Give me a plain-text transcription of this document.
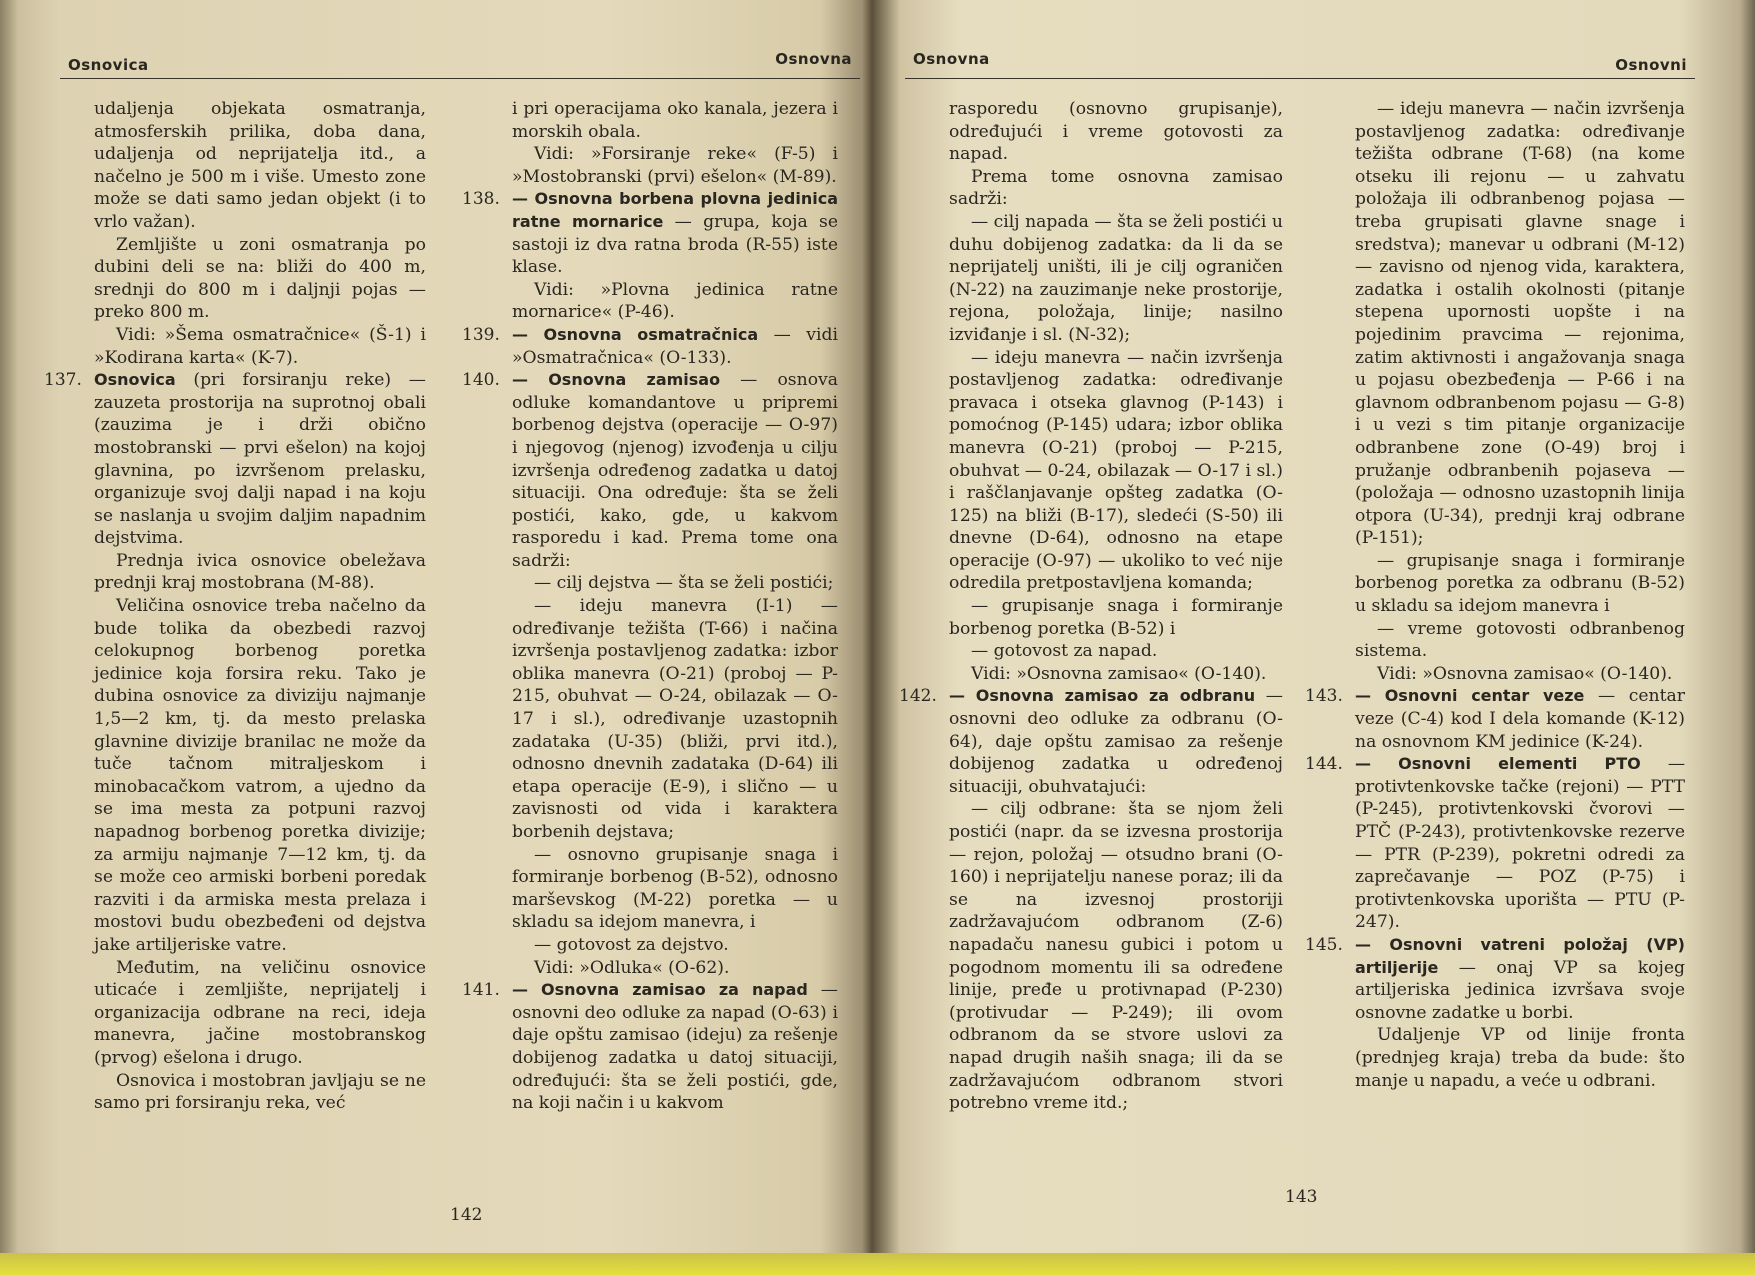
Osnovica	Osnovna

udaljenja objekata osmatranja, atmosferskih prilika, doba dana, udaljenja od neprijatelja itd., a načelno je 500 m i više. Umesto zone može se dati samo jedan objekt (i to vrlo važan).

Zemljište u zoni osmatranja po dubini deli se na: bliži do 400 m, srednji do 800 m i daljnji pojas — preko 800 m.

Vidi: »Šema osmatračnice« (Š-1) i »Kodirana karta« (K-7).

137. Osnovica (pri forsiranju reke) — zauzeta prostorija na suprotnoj obali (zauzima je i drži obično mostobranski — prvi ešelon) na kojoj glavnina, po izvršenom prelasku, organizuje svoj dalji napad i na koju se naslanja u svojim daljim napadnim dejstvima.

Prednja ivica osnovice obeležava prednji kraj mostobrana (M-88).

Veličina osnovice treba načelno da bude tolika da obezbedi razvoj celokupnog borbenog poretka jedinice koja forsira reku. Tako je dubina osnovice za diviziju najmanje 1,5—2 km, tj. da mesto prelaska glavnine divizije branilac ne može da tuče tačnom mitraljeskom i minobacačkom vatrom, a ujedno da se ima mesta za potpuni razvoj napadnog borbenog poretka divizije; za armiju najmanje 7—12 km, tj. da se može ceo armiski borbeni poredak razviti i da armiska mesta prelaza i mostovi budu obezbeđeni od dejstva jake artiljeriske vatre.

Međutim, na veličinu osnovice uticaće i zemljište, neprijatelj i organizacija odbrane na reci, ideja manevra, jačine mostobranskog (prvog) ešelona i drugo.

Osnovica i mostobran javljaju se ne samo pri forsiranju reka, već

i pri operacijama oko kanala, jezera i morskih obala.

Vidi: »Forsiranje reke« (F-5) i »Mostobranski (prvi) ešelon« (M-89).

138. — Osnovna borbena plovna jedinica ratne mornarice — grupa, koja se sastoji iz dva ratna broda (R-55) iste klase.

Vidi: »Plovna jedinica ratne mornarice« (P-46).

139. — Osnovna osmatračnica — vidi »Osmatračnica« (O-133).

140. — Osnovna zamisao — osnova odluke komandantove u pripremi borbenog dejstva (operacije — O-97) i njegovog (njenog) izvođenja u cilju izvršenja određenog zadatka u datoj situaciji. Ona određuje: šta se želi postići, kako, gde, u kakvom rasporedu i kad. Prema tome ona sadrži:

— cilj dejstva — šta se želi postići;

— ideju manevra (I-1) — određivanje težišta (T-66) i načina izvršenja postavljenog zadatka: izbor oblika manevra (O-21) (proboj — P-215, obuhvat — O-24, obilazak — O-17 i sl.), određivanje uzastopnih zadataka (U-35) (bliži, prvi itd.), odnosno dnevnih zadataka (D-64) ili etapa operacije (E-9), i slično — u zavisnosti od vida i karaktera borbenih dejstava;

— osnovno grupisanje snaga i formiranje borbenog (B-52), odnosno marševskog (M-22) poretka — u skladu sa idejom manevra, i

— gotovost za dejstvo.

Vidi: »Odluka« (O-62).

141. — Osnovna zamisao za napad — osnovni deo odluke za napad (O-63) i daje opštu zamisao (ideju) za rešenje dobijenog zadatka u datoj situaciji, određujući: šta se želi postići, gde, na koji način i u kakvom

142
Osnovna	Osnovni

rasporedu (osnovno grupisanje), određujući i vreme gotovosti za napad.

Prema tome osnovna zamisao sadrži:

— cilj napada — šta se želi postići u duhu dobijenog zadatka: da li da se neprijatelj uništi, ili je cilj ograničen (N-22) na zauzimanje neke prostorije, rejona, položaja, linije; nasilno izviđanje i sl. (N-32);

— ideju manevra — način izvršenja postavljenog zadatka: određivanje pravaca i otseka glavnog (P-143) i pomoćnog (P-145) udara; izbor oblika manevra (O-21) (proboj — P-215, obuhvat — 0-24, obilazak — O-17 i sl.) i raščlanjavanje opšteg zadatka (O-125) na bliži (B-17), sledeći (S-50) ili dnevne (D-64), odnosno na etape operacije (O-97) — ukoliko to već nije odredila pretpostavljena komanda;

— grupisanje snaga i formiranje borbenog poretka (B-52) i

— gotovost za napad.

Vidi: »Osnovna zamisao« (O-140).

142. — Osnovna zamisao za odbranu — osnovni deo odluke za odbranu (O-64), daje opštu zamisao za rešenje dobijenog zadatka u određenoj situaciji, obuhvatajući:

— cilj odbrane: šta se njom želi postići (napr. da se izvesna prostorija — rejon, položaj — otsudno brani (O-160) i neprijatelju nanese poraz; ili da se na izvesnoj prostoriji zadržavajućom odbranom (Z-6) napadaču nanesu gubici i potom u pogodnom momentu ili sa određene linije, pređe u protivnapad (P-230) (protivudar — P-249); ili ovom odbranom da se stvore uslovi za napad drugih naših snaga; ili da se zadržavajućom odbranom stvori potrebno vreme itd.;

— ideju manevra — način izvršenja postavljenog zadatka: određivanje težišta odbrane (T-68) (na kome otseku ili rejonu — u zahvatu položaja ili odbranbenog pojasa — treba grupisati glavne snage i sredstva); manevar u odbrani (M-12) — zavisno od njenog vida, karaktera, zadatka i ostalih okolnosti (pitanje stepena upornosti uopšte i na pojedinim pravcima — rejonima, zatim aktivnosti i angažovanja snaga u pojasu obezbeđenja — P-66 i na glavnom odbranbenom pojasu — G-8) i u vezi s tim pitanje organizacije odbranbene zone (O-49) broj i pružanje odbranbenih pojaseva — (položaja — odnosno uzastopnih linija otpora (U-34), prednji kraj odbrane (P-151);

— grupisanje snaga i formiranje borbenog poretka za odbranu (B-52) u skladu sa idejom manevra i

— vreme gotovosti odbranbenog sistema.

Vidi: »Osnovna zamisao« (O-140).

143. — Osnovni centar veze — centar veze (C-4) kod I dela komande (K-12) na osnovnom KM jedinice (K-24).

144. — Osnovni elementi PTO — protivtenkovske tačke (rejoni) — PTT (P-245), protivtenkovski čvorovi — PTČ (P-243), protivtenkovske rezerve — PTR (P-239), pokretni odredi za zaprečavanje — POZ (P-75) i protivtenkovska uporišta — PTU (P-247).

145. — Osnovni vatreni položaj (VP) artiljerije — onaj VP sa kojeg artiljeriska jedinica izvršava svoje osnovne zadatke u borbi.

Udaljenje VP od linije fronta (prednjeg kraja) treba da bude: što manje u napadu, a veće u odbrani.

143
